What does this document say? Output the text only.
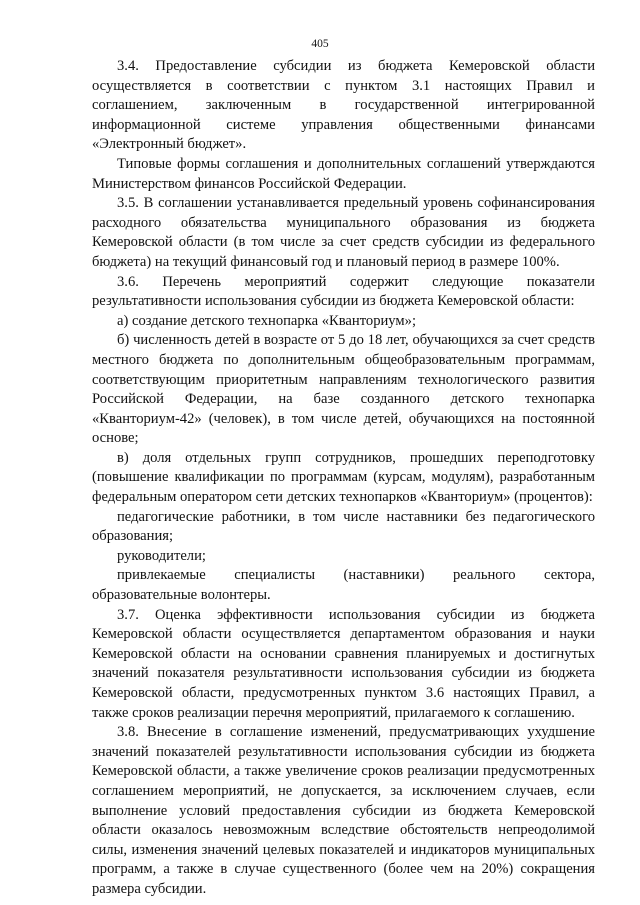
405

3.4. Предоставление субсидии из бюджета Кемеровской области осуществляется в соответствии с пунктом 3.1 настоящих Правил и соглашением, заключенным в государственной интегрированной информационной системе управления общественными финансами «Электронный бюджет».

Типовые формы соглашения и дополнительных соглашений утверждаются Министерством финансов Российской Федерации.

3.5. В соглашении устанавливается предельный уровень софинансирования расходного обязательства муниципального образования из бюджета Кемеровской области (в том числе за счет средств субсидии из федерального бюджета) на текущий финансовый год и плановый период в размере 100%.

3.6. Перечень мероприятий содержит следующие показатели результативности использования субсидии из бюджета Кемеровской области:

а) создание детского технопарка «Кванториум»;

б) численность детей в возрасте от 5 до 18 лет, обучающихся за счет средств местного бюджета по дополнительным общеобразовательным программам, соответствующим приоритетным направлениям технологического развития Российской Федерации, на базе созданного детского технопарка «Кванториум-42» (человек), в том числе детей, обучающихся на постоянной основе;

в) доля отдельных групп сотрудников, прошедших переподготовку (повышение квалификации по программам (курсам, модулям), разработанным федеральным оператором сети детских технопарков «Кванториум» (процентов):

педагогические работники, в том числе наставники без педагогического образования;

руководители;

привлекаемые специалисты (наставники) реального сектора, образовательные волонтеры.

3.7. Оценка эффективности использования субсидии из бюджета Кемеровской области осуществляется департаментом образования и науки Кемеровской области на основании сравнения планируемых и достигнутых значений показателя результативности использования субсидии из бюджета Кемеровской области, предусмотренных пунктом 3.6 настоящих Правил, а также сроков реализации перечня мероприятий, прилагаемого к соглашению.

3.8. Внесение в соглашение изменений, предусматривающих ухудшение значений показателей результативности использования субсидии из бюджета Кемеровской области, а также увеличение сроков реализации предусмотренных соглашением мероприятий, не допускается, за исключением случаев, если выполнение условий предоставления субсидии из бюджета Кемеровской области оказалось невозможным вследствие обстоятельств непреодолимой силы, изменения значений целевых показателей и индикаторов муниципальных программ, а также в случае существенного (более чем на 20%) сокращения размера субсидии.
